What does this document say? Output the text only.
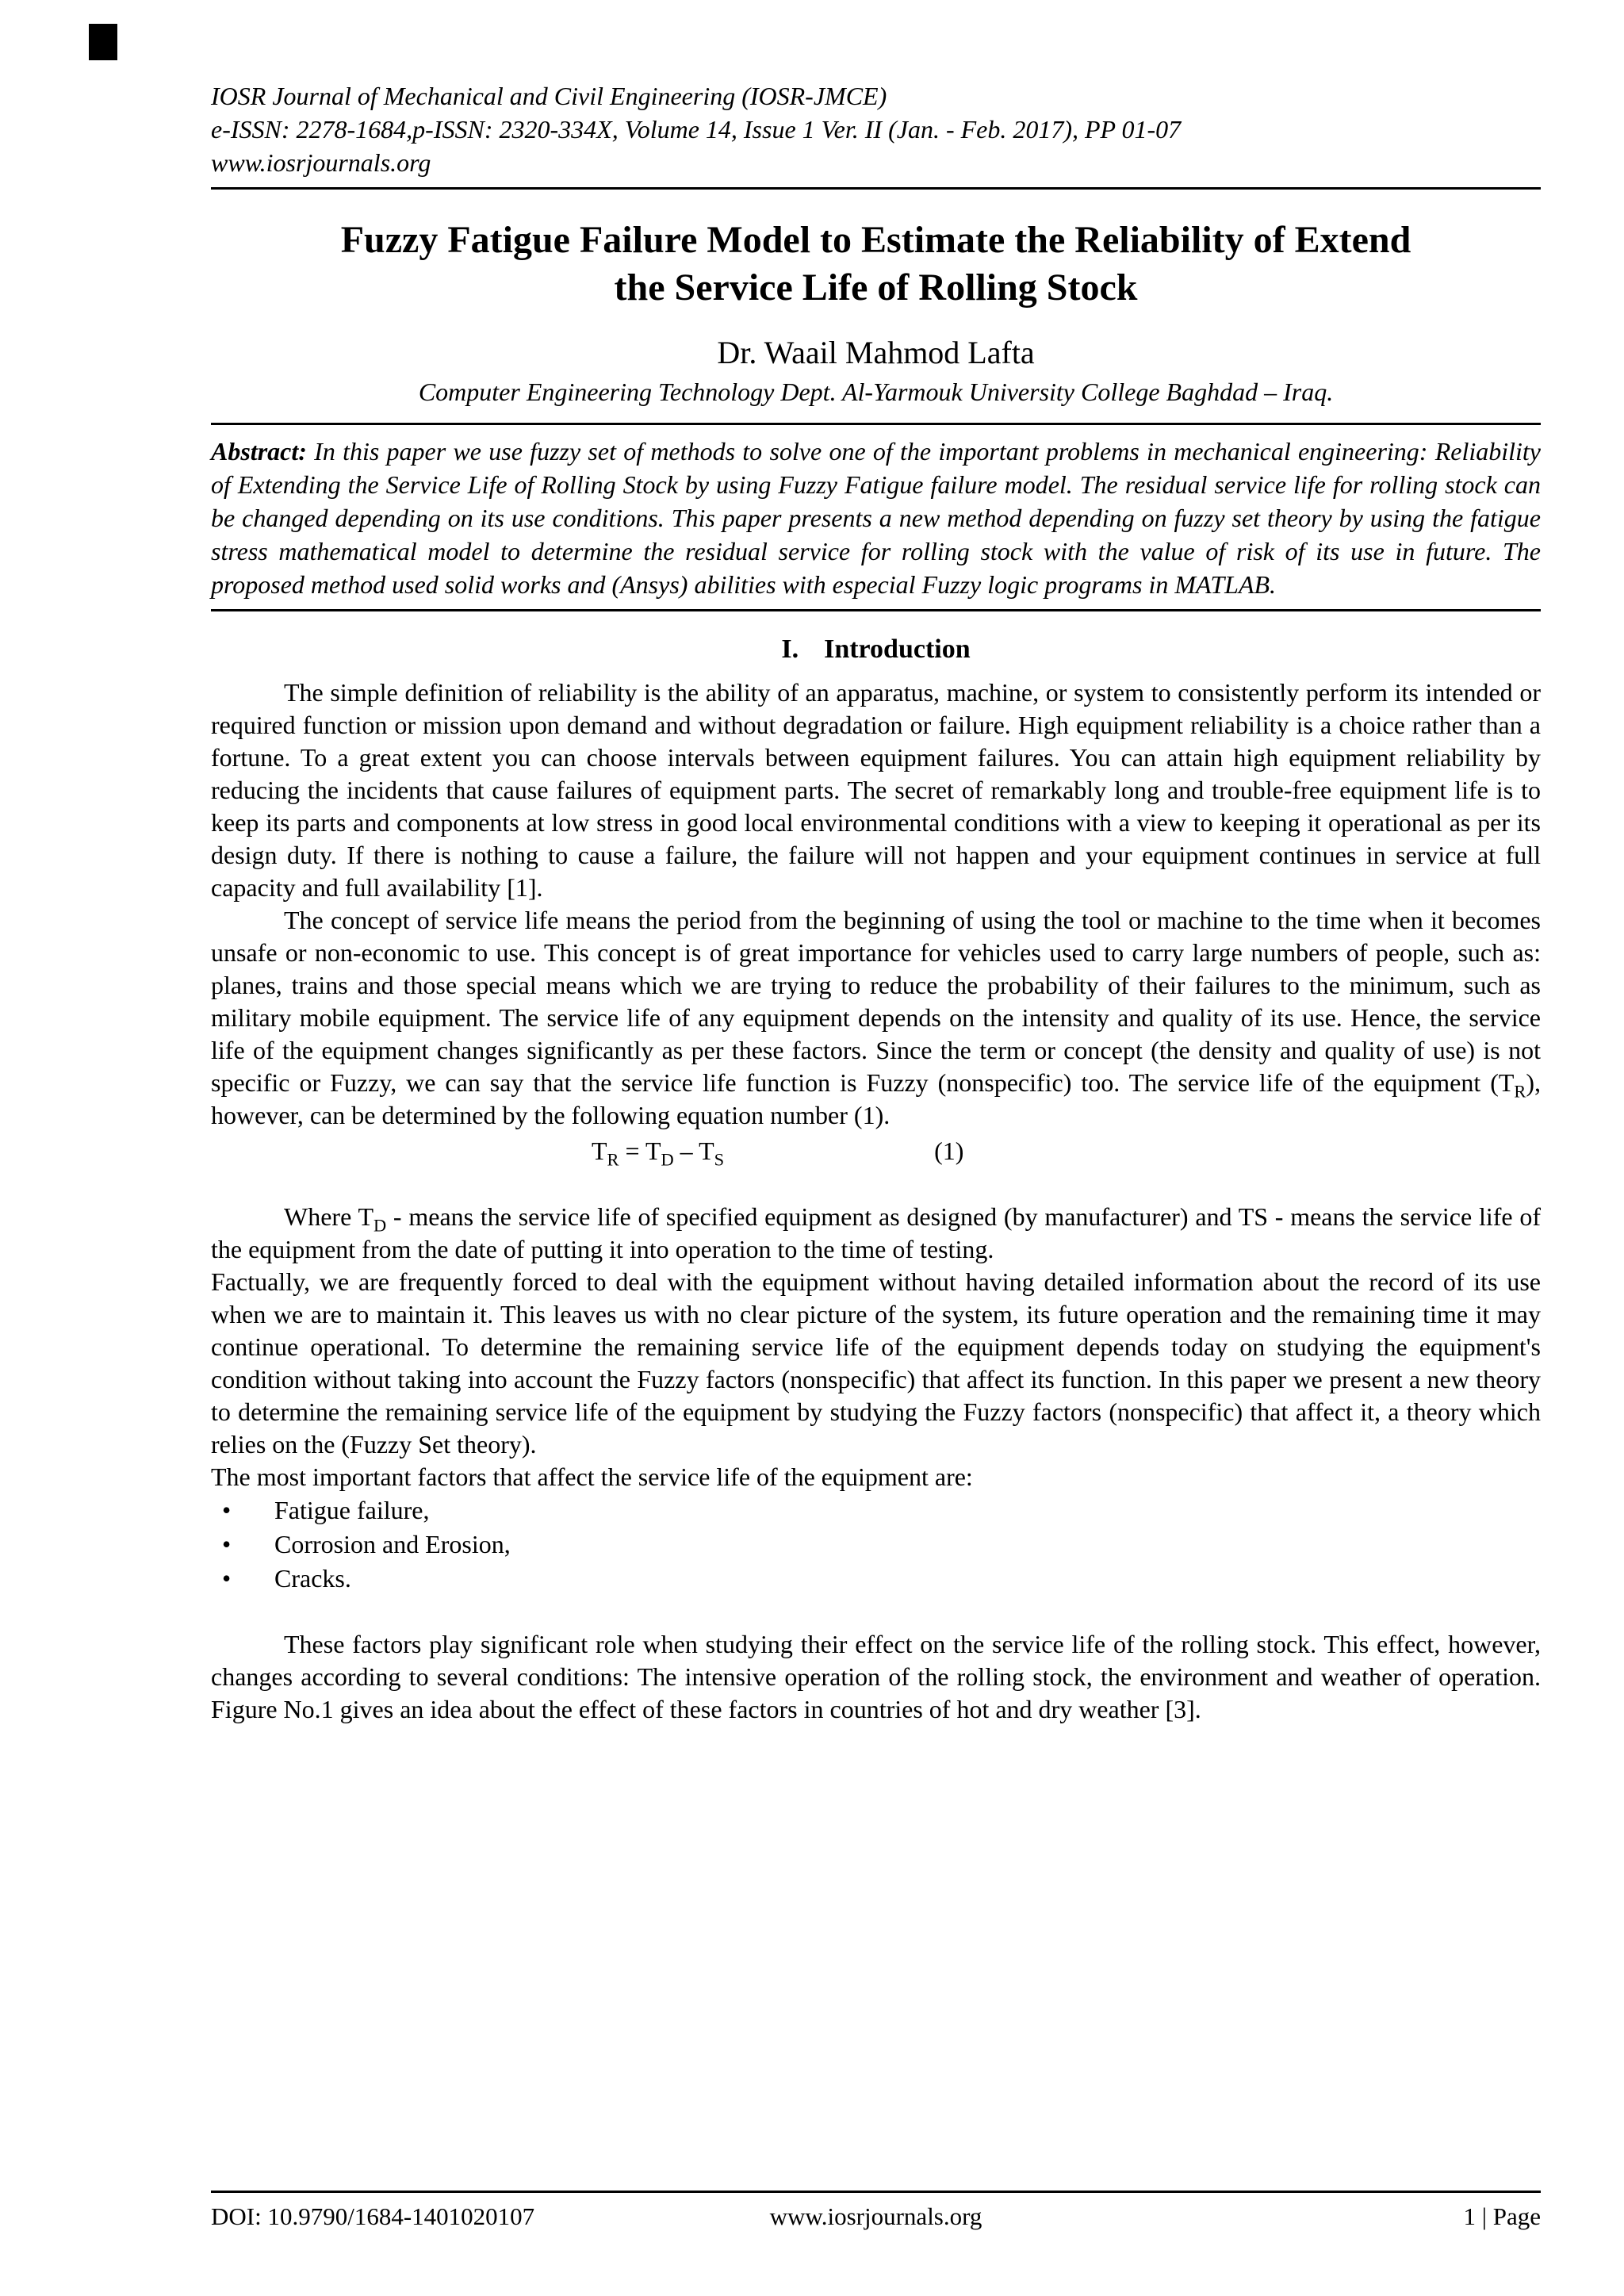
IOSR Journal of Mechanical and Civil Engineering (IOSR-JMCE)
e-ISSN: 2278-1684,p-ISSN: 2320-334X, Volume 14, Issue 1 Ver. II (Jan. - Feb. 2017), PP 01-07
www.iosrjournals.org
Fuzzy Fatigue Failure Model to Estimate the Reliability of Extend
the Service Life of Rolling Stock
Dr. Waail Mahmod Lafta
Computer Engineering Technology Dept. Al-Yarmouk University College Baghdad – Iraq.

Abstract: In this paper we use fuzzy set of methods to solve one of the important problems in mechanical engineering: Reliability of Extending the Service Life of Rolling Stock by using Fuzzy Fatigue failure model. The residual service life for rolling stock can be changed depending on its use conditions. This paper presents a new method depending on fuzzy set theory by using the fatigue stress mathematical model to determine the residual service for rolling stock with the value of risk of its use in future. The proposed method used solid works and (Ansys) abilities with especial Fuzzy logic programs in MATLAB.

I. Introduction

The simple definition of reliability is the ability of an apparatus, machine, or system to consistently perform its intended or required function or mission upon demand and without degradation or failure. High equipment reliability is a choice rather than a fortune. To a great extent you can choose intervals between equipment failures. You can attain high equipment reliability by reducing the incidents that cause failures of equipment parts. The secret of remarkably long and trouble-free equipment life is to keep its parts and components at low stress in good local environmental conditions with a view to keeping it operational as per its design duty. If there is nothing to cause a failure, the failure will not happen and your equipment continues in service at full capacity and full availability [1].

The concept of service life means the period from the beginning of using the tool or machine to the time when it becomes unsafe or non-economic to use. This concept is of great importance for vehicles used to carry large numbers of people, such as: planes, trains and those special means which we are trying to reduce the probability of their failures to the minimum, such as military mobile equipment. The service life of any equipment depends on the intensity and quality of its use. Hence, the service life of the equipment changes significantly as per these factors. Since the term or concept (the density and quality of use) is not specific or Fuzzy, we can say that the service life function is Fuzzy (nonspecific) too. The service life of the equipment $(T_R)$, however, can be determined by the following equation number (1).

$T_R = T_D - T_S$	(1)

Where $T_D$ - means the service life of specified equipment as designed (by manufacturer) and TS - means the service life of the equipment from the date of putting it into operation to the time of testing.

Factually, we are frequently forced to deal with the equipment without having detailed information about the record of its use when we are to maintain it. This leaves us with no clear picture of the system, its future operation and the remaining time it may continue operational. To determine the remaining service life of the equipment depends today on studying the equipment's condition without taking into account the Fuzzy factors (nonspecific) that affect its function. In this paper we present a new theory to determine the remaining service life of the equipment by studying the Fuzzy factors (nonspecific) that affect it, a theory which relies on the (Fuzzy Set theory).

The most important factors that affect the service life of the equipment are:

• Fatigue failure,
• Corrosion and Erosion,
• Cracks.

These factors play significant role when studying their effect on the service life of the rolling stock. This effect, however, changes according to several conditions: The intensive operation of the rolling stock, the environment and weather of operation. Figure No.1 gives an idea about the effect of these factors in countries of hot and dry weather [3].

DOI: 10.9790/1684-1401020107	www.iosrjournals.org	1 | Page
